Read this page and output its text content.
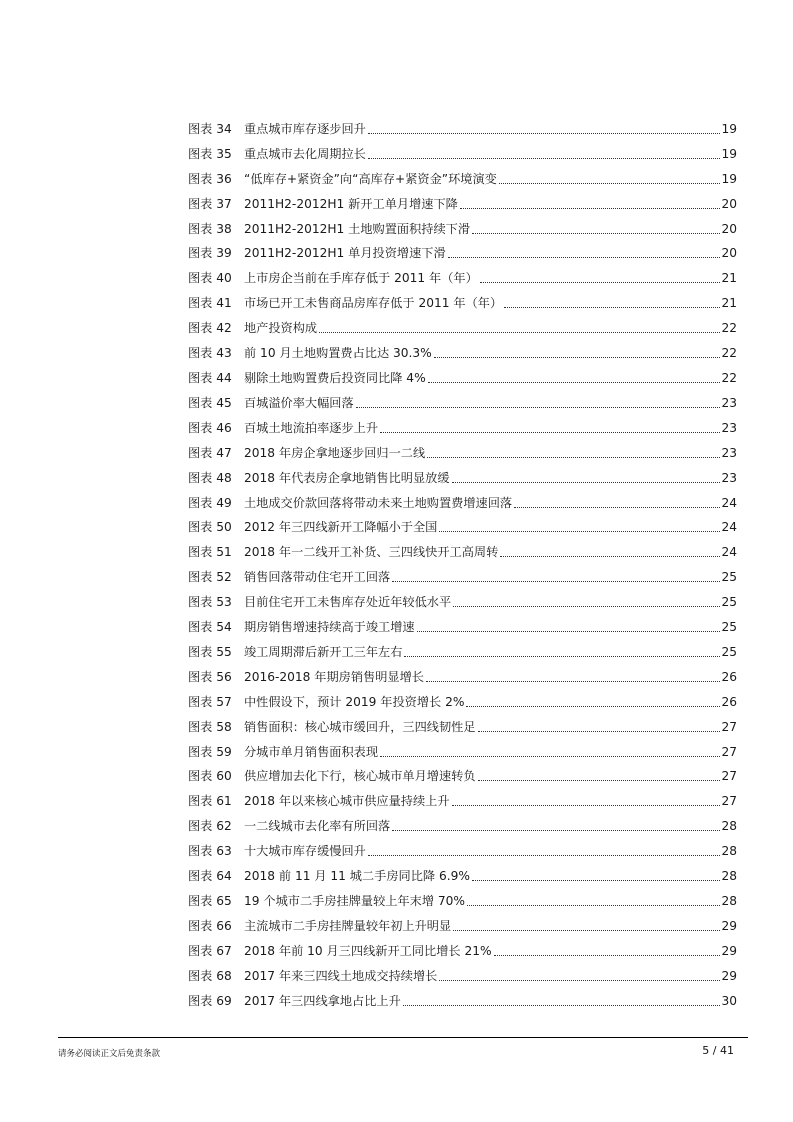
图表 34	重点城市库存逐步回升	19
图表 35	重点城市去化周期拉长	19
图表 36	“低库存+紧资金”向“高库存+紧资金”环境演变	19
图表 37	2011H2-2012H1 新开工单月增速下降	20
图表 38	2011H2-2012H1 土地购置面积持续下滑	20
图表 39	2011H2-2012H1 单月投资增速下滑	20
图表 40	上市房企当前在手库存低于 2011 年（年）	21
图表 41	市场已开工未售商品房库存低于 2011 年（年）	21
图表 42	地产投资构成	22
图表 43	前 10 月土地购置费占比达 30.3%	22
图表 44	剔除土地购置费后投资同比降 4%	22
图表 45	百城溢价率大幅回落	23
图表 46	百城土地流拍率逐步上升	23
图表 47	2018 年房企拿地逐步回归一二线	23
图表 48	2018 年代表房企拿地销售比明显放缓	23
图表 49	土地成交价款回落将带动未来土地购置费增速回落	24
图表 50	2012 年三四线新开工降幅小于全国	24
图表 51	2018 年一二线开工补货、三四线快开工高周转	24
图表 52	销售回落带动住宅开工回落	25
图表 53	目前住宅开工未售库存处近年较低水平	25
图表 54	期房销售增速持续高于竣工增速	25
图表 55	竣工周期滞后新开工三年左右	25
图表 56	2016-2018 年期房销售明显增长	26
图表 57	中性假设下，预计 2019 年投资增长 2%	26
图表 58	销售面积：核心城市缓回升，三四线韧性足	27
图表 59	分城市单月销售面积表现	27
图表 60	供应增加去化下行，核心城市单月增速转负	27
图表 61	2018 年以来核心城市供应量持续上升	27
图表 62	一二线城市去化率有所回落	28
图表 63	十大城市库存缓慢回升	28
图表 64	2018 前 11 月 11 城二手房同比降 6.9%	28
图表 65	19 个城市二手房挂牌量较上年末增 70%	28
图表 66	主流城市二手房挂牌量较年初上升明显	29
图表 67	2018 年前 10 月三四线新开工同比增长 21%	29
图表 68	2017 年来三四线土地成交持续增长	29
图表 69	2017 年三四线拿地占比上升	30
请务必阅读正文后免责条款	5 / 41
